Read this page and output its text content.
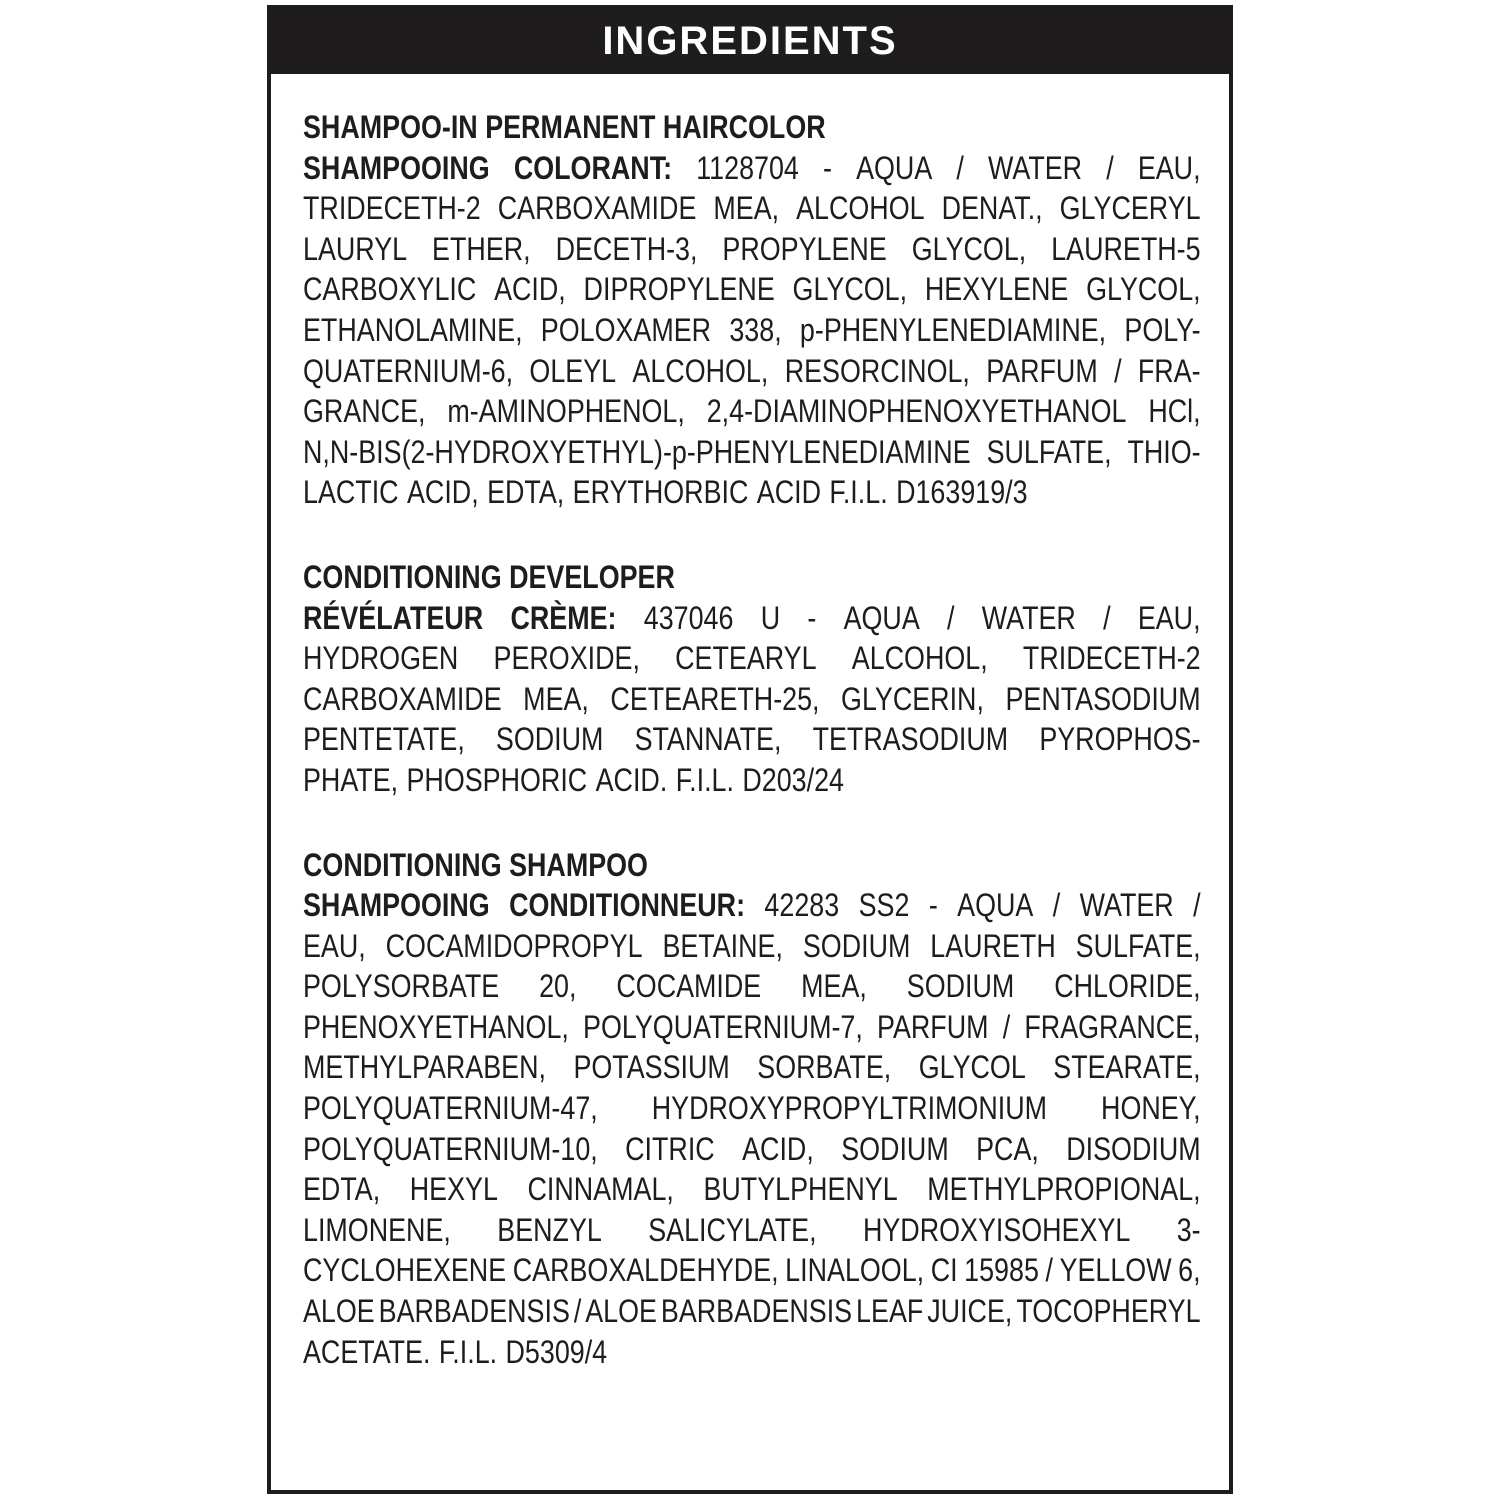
INGREDIENTS
SHAMPOO-IN PERMANENT HAIRCOLOR
SHAMPOOING COLORANT: 1128704 - AQUA / WATER / EAU,
TRIDECETH-2 CARBOXAMIDE MEA, ALCOHOL DENAT., GLYCERYL
LAURYL ETHER, DECETH-3, PROPYLENE GLYCOL, LAURETH-5
CARBOXYLIC ACID, DIPROPYLENE GLYCOL, HEXYLENE GLYCOL,
ETHANOLAMINE, POLOXAMER 338, p-PHENYLENEDIAMINE, POLY-
QUATERNIUM-6, OLEYL ALCOHOL, RESORCINOL, PARFUM / FRA-
GRANCE, m-AMINOPHENOL, 2,4-DIAMINOPHENOXYETHANOL HCl,
N,N-BIS(2-HYDROXYETHYL)-p-PHENYLENEDIAMINE SULFATE, THIO-
LACTIC ACID, EDTA, ERYTHORBIC ACID F.I.L. D163919/3
CONDITIONING DEVELOPER
RÉVÉLATEUR CRÈME: 437046 U - AQUA / WATER / EAU,
HYDROGEN PEROXIDE, CETEARYL ALCOHOL, TRIDECETH-2
CARBOXAMIDE MEA, CETEARETH-25, GLYCERIN, PENTASODIUM
PENTETATE, SODIUM STANNATE, TETRASODIUM PYROPHOS-
PHATE, PHOSPHORIC ACID. F.I.L. D203/24
CONDITIONING SHAMPOO
SHAMPOOING CONDITIONNEUR: 42283 SS2 - AQUA / WATER /
EAU, COCAMIDOPROPYL BETAINE, SODIUM LAURETH SULFATE,
POLYSORBATE 20, COCAMIDE MEA, SODIUM CHLORIDE,
PHENOXYETHANOL, POLYQUATERNIUM-7, PARFUM / FRAGRANCE,
METHYLPARABEN, POTASSIUM SORBATE, GLYCOL STEARATE,
POLYQUATERNIUM-47, HYDROXYPROPYLTRIMONIUM HONEY,
POLYQUATERNIUM-10, CITRIC ACID, SODIUM PCA, DISODIUM
EDTA, HEXYL CINNAMAL, BUTYLPHENYL METHYLPROPIONAL,
LIMONENE, BENZYL SALICYLATE, HYDROXYISOHEXYL 3-
CYCLOHEXENE CARBOXALDEHYDE, LINALOOL, CI 15985 / YELLOW 6,
ALOE BARBADENSIS / ALOE BARBADENSIS LEAF JUICE, TOCOPHERYL
ACETATE. F.I.L. D5309/4
